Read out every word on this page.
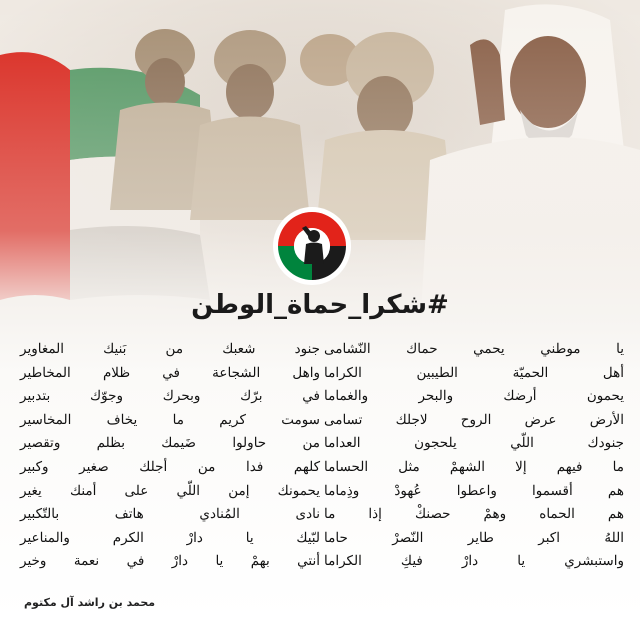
#شكرا_حماة_الوطن
يا موطني يحمي حماك النّشامى
أهل الحميّة الطيبين الكراما
يحمون أرضك والبحر والغماما
الأرض عرض الروح لاجلك تسامى
جنودك اللّي يلحجون العداما
ما فيهم إلا الشهمْ مثل الحساما
هم أقسموا واعطوا عُهودْ وذِماما
هم الحماه وهمْ حصنكْ إذا ما
اللهُ اكبر طاير النّصرْ حاما
واستبشري يا دارْ فيكِ الكراما
جنود شعبك من بَنيك المغاوير
واهل الشجاعة في ظلام المخاطير
في برّك وبحرك وجوّك بتدبير
سومت كريم ما يخاف المخاسير
من حاولوا ضَيمك بظلم وتقصير
كلهم فدا من أجلك صغير وكبير
يحمونك إمن اللّي على أمنك يغير
نادى المُنادي هاتف بالتّكبير
لبّيك يا دارْ الكرم والمناعير
أنتي بهمْ يا دارْ في نعمة وخير
محمد بن راشد آل مكتوم
